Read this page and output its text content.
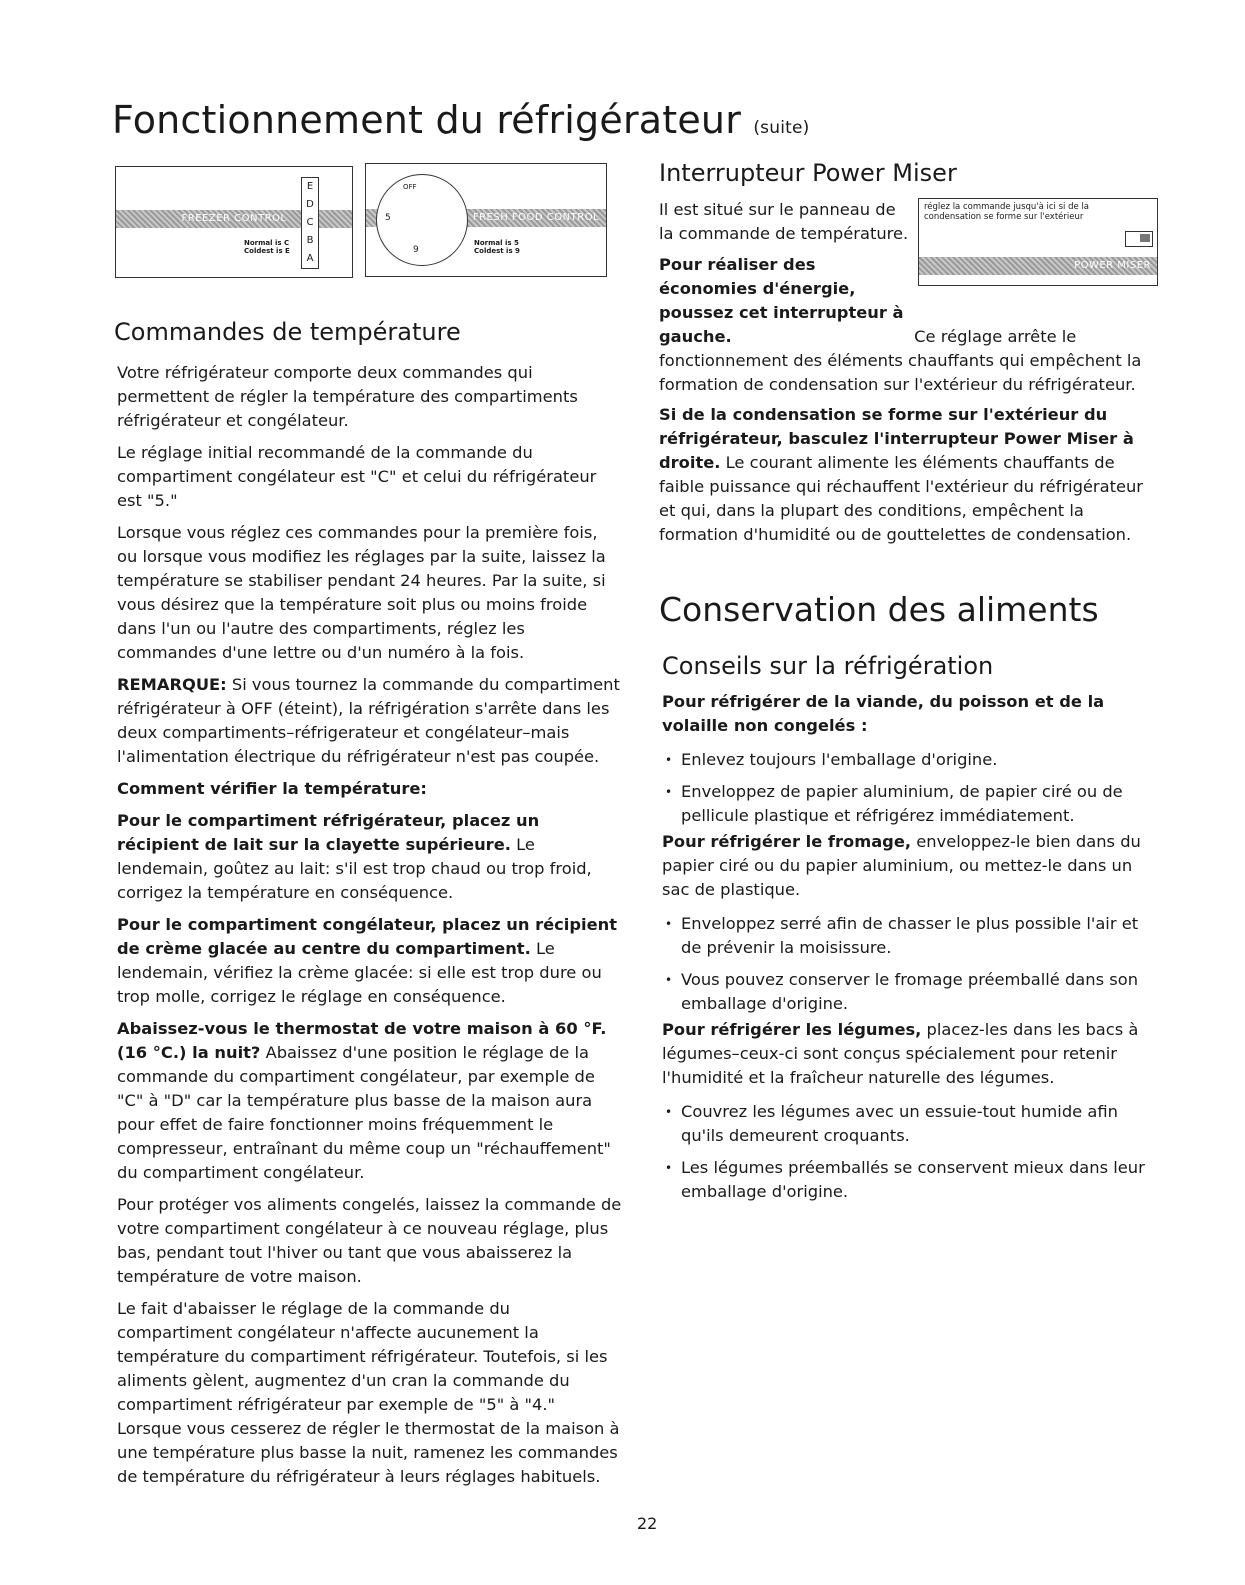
Fonctionnement du réfrigérateur (suite)
FREEZER CONTROL
E
D
C
B
A
Normal is C
Coldest is E
FRESH FOOD CONTROL
OFF
5
9
Normal is 5
Coldest is 9
Commandes de température

Votre réfrigérateur comporte deux commandes qui permettent de régler la température des compartiments réfrigérateur et congélateur.

Le réglage initial recommandé de la commande du compartiment congélateur est "C" et celui du réfrigérateur est "5."

Lorsque vous réglez ces commandes pour la première fois, ou lorsque vous modifiez les réglages par la suite, laissez la température se stabiliser pendant 24 heures. Par la suite, si vous désirez que la température soit plus ou moins froide dans l'un ou l'autre des compartiments, réglez les commandes d'une lettre ou d'un numéro à la fois.

REMARQUE: Si vous tournez la commande du compartiment réfrigérateur à OFF (éteint), la réfrigération s'arrête dans les deux compartiments–réfrigerateur et congélateur–mais l'alimentation électrique du réfrigérateur n'est pas coupée.

Comment vérifier la température:

Pour le compartiment réfrigérateur, placez un récipient de lait sur la clayette supérieure. Le lendemain, goûtez au lait: s'il est trop chaud ou trop froid, corrigez la température en conséquence.

Pour le compartiment congélateur, placez un récipient de crème glacée au centre du compartiment. Le lendemain, vérifiez la crème glacée: si elle est trop dure ou trop molle, corrigez le réglage en conséquence.

Abaissez-vous le thermostat de votre maison à 60 °F. (16 °C.) la nuit? Abaissez d'une position le réglage de la commande du compartiment congélateur, par exemple de "C" à "D" car la température plus basse de la maison aura pour effet de faire fonctionner moins fréquemment le compresseur, entraînant du même coup un "réchauffement" du compartiment congélateur.

Pour protéger vos aliments congelés, laissez la commande de votre compartiment congélateur à ce nouveau réglage, plus bas, pendant tout l'hiver ou tant que vous abaisserez la température de votre maison.

Le fait d'abaisser le réglage de la commande du compartiment congélateur n'affecte aucunement la température du compartiment réfrigérateur. Toutefois, si les aliments gèlent, augmentez d'un cran la commande du compartiment réfrigérateur par exemple de "5" à "4." Lorsque vous cesserez de régler le thermostat de la maison à une température plus basse la nuit, ramenez les commandes de température du réfrigérateur à leurs réglages habituels.

Interrupteur Power Miser
réglez la commande jusqu'à ici si de la condensation se forme sur l'extérieur
POWER MISER

Il est situé sur le panneau de la commande de température.

Pour réaliser des économies d'énergie, poussez cet interrupteur à gauche.	Ce réglage arrête le fonctionnement des éléments chauffants qui empêchent la formation de condensation sur l'extérieur du réfrigérateur.

Si de la condensation se forme sur l'extérieur du réfrigérateur, basculez l'interrupteur Power Miser à droite. Le courant alimente les éléments chauffants de faible puissance qui réchauffent l'extérieur du réfrigérateur et qui, dans la plupart des conditions, empêchent la formation d'humidité ou de gouttelettes de condensation.

Conservation des aliments
Conseils sur la réfrigération

Pour réfrigérer de la viande, du poisson et de la volaille non congelés :

• Enlevez toujours l'emballage d'origine.
• Enveloppez de papier aluminium, de papier ciré ou de pellicule plastique et réfrigérez immédiatement.

Pour réfrigérer le fromage, enveloppez-le bien dans du papier ciré ou du papier aluminium, ou mettez-le dans un sac de plastique.

• Enveloppez serré afin de chasser le plus possible l'air et de prévenir la moisissure.
• Vous pouvez conserver le fromage préemballé dans son emballage d'origine.

Pour réfrigérer les légumes, placez-les dans les bacs à légumes–ceux-ci sont conçus spécialement pour retenir l'humidité et la fraîcheur naturelle des légumes.

• Couvrez les légumes avec un essuie-tout humide afin qu'ils demeurent croquants.
• Les légumes préemballés se conservent mieux dans leur emballage d'origine.
22
